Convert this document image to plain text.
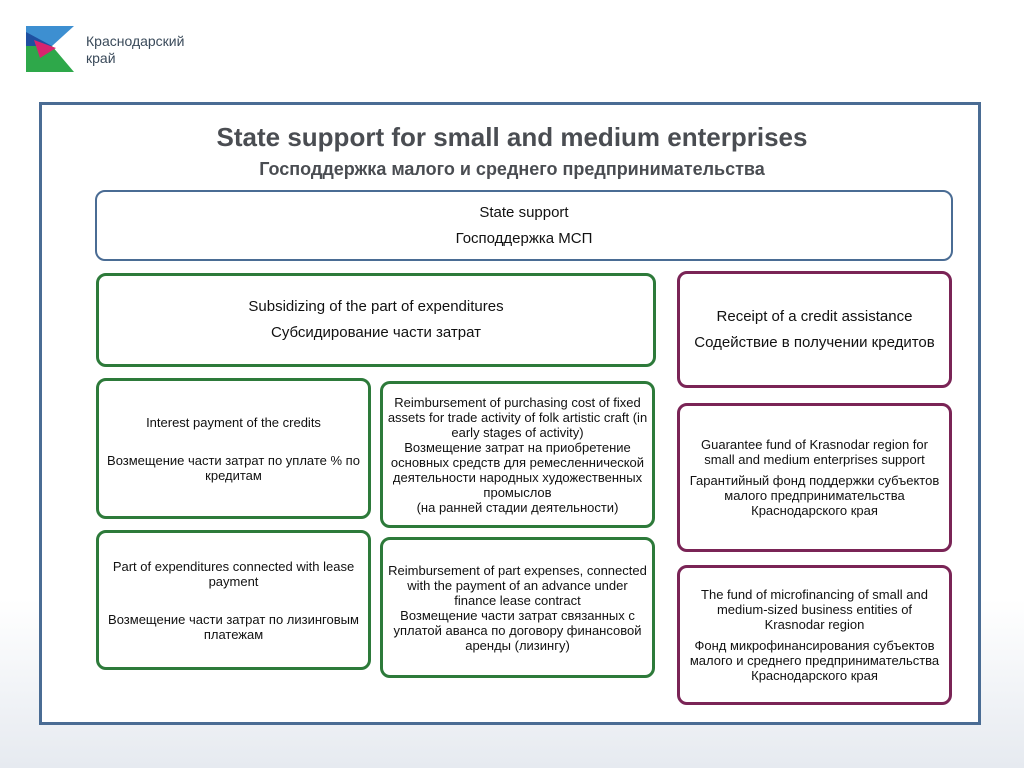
Краснодарский
край
State support for small and medium enterprises
Господдержка малого и среднего предпринимательства
State support
Господдержка МСП
Subsidizing of the part of expenditures
Субсидирование части затрат
Receipt of a credit assistance
Содействие в получении кредитов
Interest payment of the credits
Возмещение части затрат по уплате % по кредитам
Reimbursement of purchasing cost of fixed assets for trade activity of folk artistic craft (in early stages of activity)
Возмещение затрат на приобретение основных средств для ремесленнической деятельности народных художественных промыслов
(на ранней стадии деятельности)
Guarantee fund of Krasnodar region for small and medium enterprises support
Гарантийный фонд поддержки субъектов малого предпринимательства Краснодарского края
Part of expenditures connected with lease payment
Возмещение части затрат по лизинговым платежам
Reimbursement of part expenses, connected with the payment of an advance under finance lease contract
Возмещение части затрат связанных с уплатой аванса по договору финансовой аренды (лизингу)
The fund of microfinancing of small and medium-sized business entities of Krasnodar region
Фонд микрофинансирования субъектов малого и среднего предпринимательства Краснодарского края
